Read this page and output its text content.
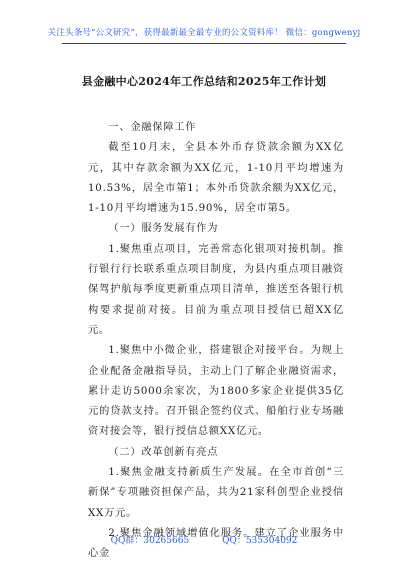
关注头条号“公文研究”，获得最新最全最专业的公文资料库！ 微信：gongwenyj
县金融中心2024年工作总结和2025年工作计划

一、金融保障工作

截至10月末，全县本外币存贷款余额为XX亿元，其中存款余额为XX亿元，1-10月平均增速为10.53%，居全市第1；本外币贷款余额为XX亿元，1-10月平均增速为15.90%，居全市第5。

（一）服务发展有作为

1.聚焦重点项目，完善常态化银项对接机制。推行银行行长联系重点项目制度，为县内重点项目融资保驾护航每季度更新重点项目清单，推送至各银行机构要求提前对接。目前为重点项目授信已超XX亿元。

1.聚焦中小微企业，搭建银企对接平台。为规上企业配备金融指导员，主动上门了解企业融资需求，累计走访5000余家次，为1800多家企业提供35亿元的贷款支持。召开银企签约仪式、船舶行业专场融资对接会等，银行授信总额XX亿元。

（二）改革创新有亮点

1.聚焦金融支持新质生产发展。在全市首创“三新保”专项融资担保产品，共为21家科创型企业授信XX万元。

2.聚焦金融领域增值化服务。建立了企业服务中心金

QQ群：30265665	QQ：535304092
